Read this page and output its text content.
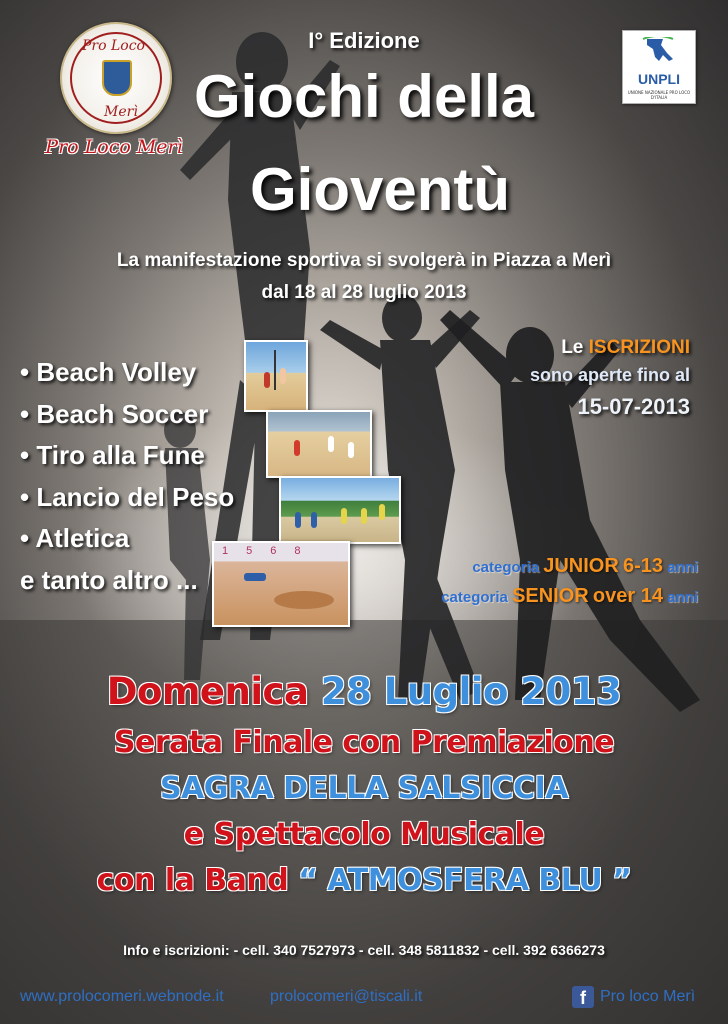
Pro Loco
Merì
Pro Loco Merì
UNPLI
UNIONE NAZIONALE PRO LOCO D'ITALIA
I° Edizione
Giochi della
Gioventù
La manifestazione sportiva si svolgerà in Piazza a Merì
dal 18 al 28 luglio 2013
1568
• Beach Volley
• Beach Soccer
• Tiro alla Fune
• Lancio del Peso
• Atletica
e tanto altro ...
Le ISCRIZIONI
sono aperte fino al
15-07-2013
categoria JUNIOR 6-13 anni
categoria SENIOR over 14 anni
Domenica 28 Luglio 2013
Serata Finale con Premiazione
SAGRA DELLA SALSICCIA
e Spettacolo Musicale
con la Band “ ATMOSFERA BLU ”
Info e iscrizioni: - cell. 340 7527973 - cell. 348 5811832 - cell. 392 6366273
www.prolocomeri.webnode.it	prolocomeri@tiscali.it	f Pro loco Merì
